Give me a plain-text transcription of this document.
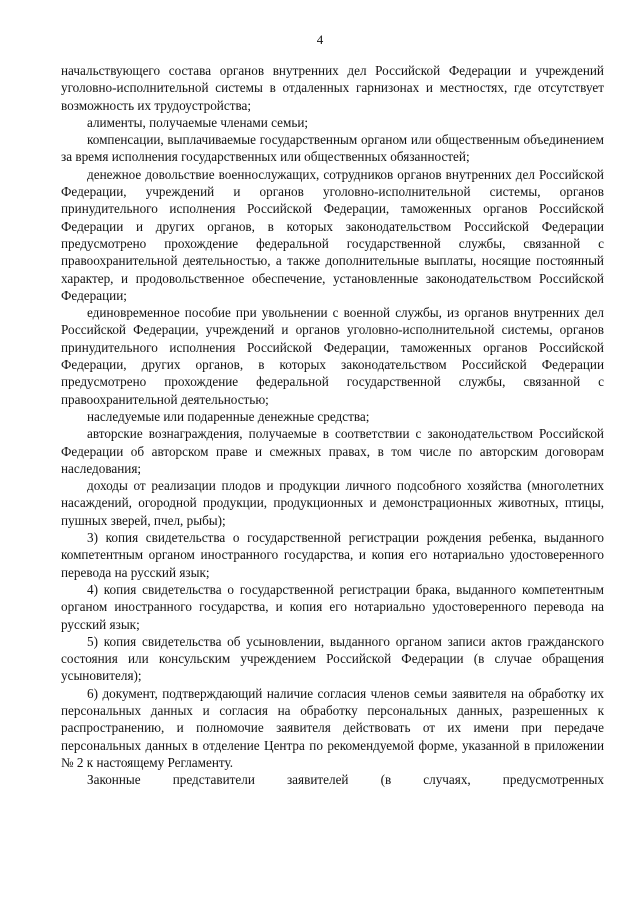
4

начальствующего состава органов внутренних дел Российской Федерации и учреждений уголовно-исполнительной системы в отдаленных гарнизонах и местностях, где отсутствует возможность их трудоустройства;

алименты, получаемые членами семьи;

компенсации, выплачиваемые государственным органом или общественным объединением за время исполнения государственных или общественных обязанностей;

денежное довольствие военнослужащих, сотрудников органов внутренних дел Российской Федерации, учреждений и органов уголовно-исполнительной системы, органов принудительного исполнения Российской Федерации, таможенных органов Российской Федерации и других органов, в которых законодательством Российской Федерации предусмотрено прохождение федеральной государственной службы, связанной с правоохранительной деятельностью, а также дополнительные выплаты, носящие постоянный характер, и продовольственное обеспечение, установленные законодательством Российской Федерации;

единовременное пособие при увольнении с военной службы, из органов внутренних дел Российской Федерации, учреждений и органов уголовно-исполнительной системы, органов принудительного исполнения Российской Федерации, таможенных органов Российской Федерации, других органов, в которых законодательством Российской Федерации предусмотрено прохождение федеральной государственной службы, связанной с правоохранительной деятельностью;

наследуемые или подаренные денежные средства;

авторские вознаграждения, получаемые в соответствии с законодательством Российской Федерации об авторском праве и смежных правах, в том числе по авторским договорам наследования;

доходы от реализации плодов и продукции личного подсобного хозяйства (многолетних насаждений, огородной продукции, продукционных и демонстрационных животных, птицы, пушных зверей, пчел, рыбы);

3) копия свидетельства о государственной регистрации рождения ребенка, выданного компетентным органом иностранного государства, и копия его нотариально удостоверенного перевода на русский язык;

4) копия свидетельства о государственной регистрации брака, выданного компетентным органом иностранного государства, и копия его нотариально удостоверенного перевода на русский язык;

5) копия свидетельства об усыновлении, выданного органом записи актов гражданского состояния или консульским учреждением Российской Федерации (в случае обращения усыновителя);

6) документ, подтверждающий наличие согласия членов семьи заявителя на обработку их персональных данных и согласия на обработку персональных данных, разрешенных к распространению, и полномочие заявителя действовать от их имени при передаче персональных данных в отделение Центра по рекомендуемой форме, указанной в приложении № 2 к настоящему Регламенту.

Законные представители заявителей (в случаях, предусмотренных
